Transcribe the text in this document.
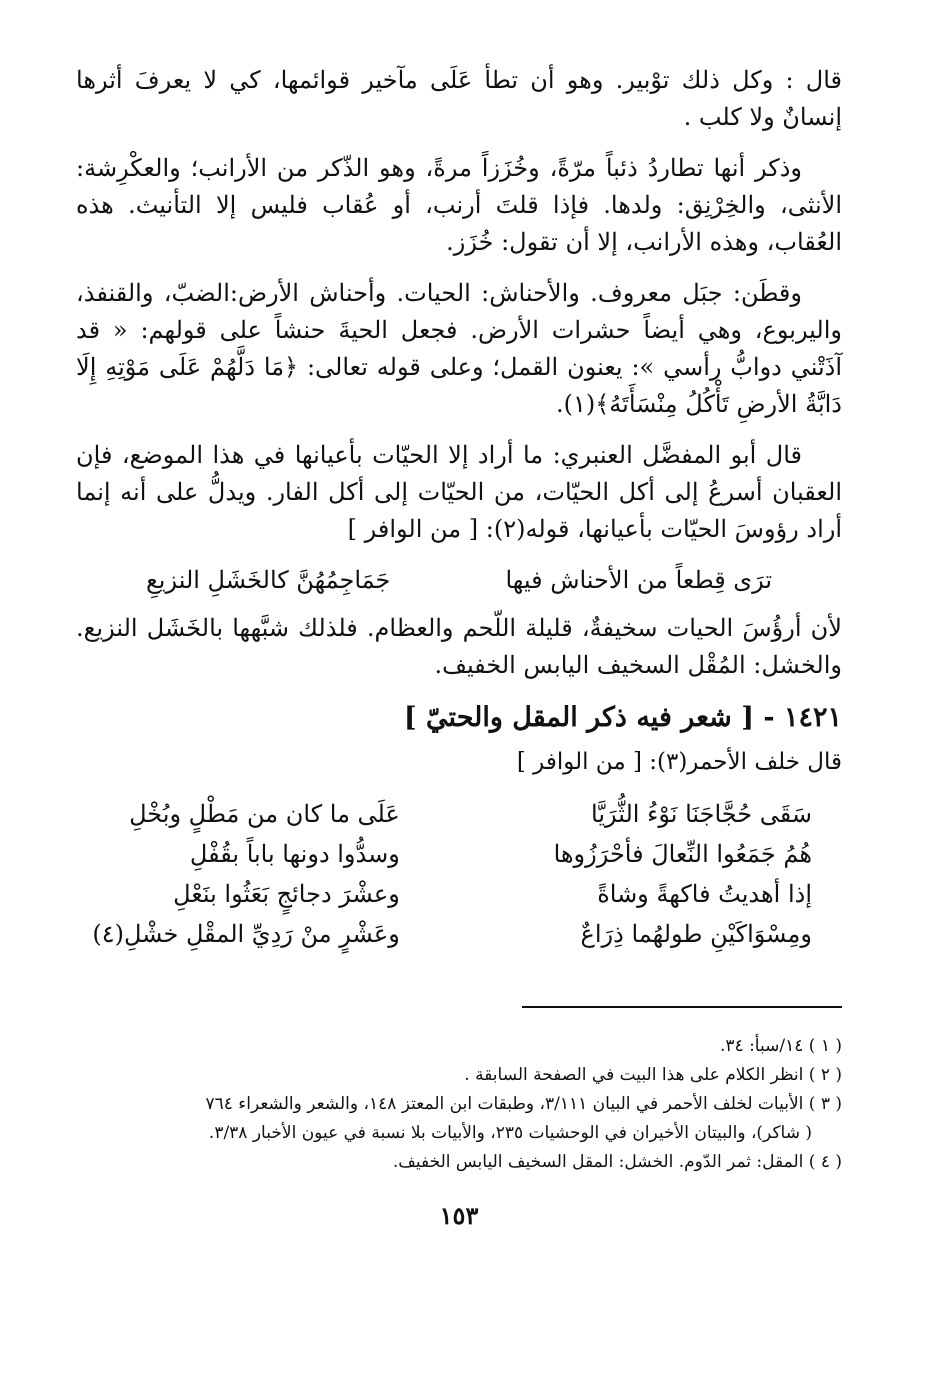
قال : وكل ذلك توْبير. وهو أن تطأ عَلَى مآخير قوائمها، كي لا يعرفَ أثرها إنسانٌ ولا كلب .

وذكر أنها تطاردُ ذئباً مرّةً، وخُزَزاً مرةً، وهو الذّكر من الأرانب؛ والعكْرِشة: الأنثى، والخِرْنِق: ولدها. فإذا قلتَ أرنب، أو عُقاب فليس إلا التأنيث. هذه العُقاب، وهذه الأرانب، إلا أن تقول: خُزَز.

وقطَن: جبَل معروف. والأحناش: الحيات. وأحناش الأرض:الضبّ، والقنفذ، واليربوع، وهي أيضاً حشرات الأرض. فجعل الحيةَ حنشاً على قولهم: « قد آذَتْني دوابُّ رأسي »: يعنون القمل؛ وعلى قوله تعالى: ﴿مَا دَلَّهُمْ عَلَى مَوْتِهِ إِلَا دَابَّةُ الأرضِ تَأْكُلُ مِنْسَأَتَهُ﴾(١).

قال أبو المفضَّل العنبري: ما أراد إلا الحيّات بأعيانها في هذا الموضع، فإن العقبان أسرعُ إلى أكل الحيّات، من الحيّات إلى أكل الفار. ويدلُّ على أنه إنما أراد رؤوسَ الحيّات بأعيانها، قوله(٢): [ من الوافر ]

ترَى قِطعاً من الأحناش فيها
جَمَاجِمُهُنَّ كالخَشَلِ النزيعِ

لأن أرؤُسَ الحيات سخيفةٌ، قليلة اللّحم والعظام. فلذلك شبَّهها بالخَشَل النزيع. والخشل: المُقْل السخيف اليابس الخفيف.

١٤٢١ - [ شعر فيه ذكر المقل والحتيّ ]
قال خلف الأحمر(٣): [ من الوافر ]
سَقَى حُجَّاجَنَا نَوْءُ الثُّرَيَّا
عَلَى ما كان من مَطْلٍ وبُخْلِ
هُمُ جَمَعُوا النِّعالَ فأحْرَزُوها
وسدُّوا دونها باباً بقُفْلِ
إذا أهديتُ فاكهةً وشاةً
وعشْرَ دجائجٍ بَعَثُوا بنَعْلِ
ومِسْوَاكَيْنِ طولهُما ذِرَاعٌ
وعَشْرٍ منْ رَدِيِّ المقْلِ خشْلِ(٤)

( ١ ) ١٤/سبأ: ٣٤.

( ٢ ) انظر الكلام على هذا البيت في الصفحة السابقة .

( ٣ ) الأبيات لخلف الأحمر في البيان ٣/١١١، وطبقات ابن المعتز ١٤٨، والشعر والشعراء ٧٦٤

( شاكر)، والبيتان الأخيران في الوحشيات ٢٣٥، والأبيات بلا نسبة في عيون الأخبار ٣/٣٨.

( ٤ ) المقل: ثمر الدّوم. الخشل: المقل السخيف اليابس الخفيف.

١٥٣
